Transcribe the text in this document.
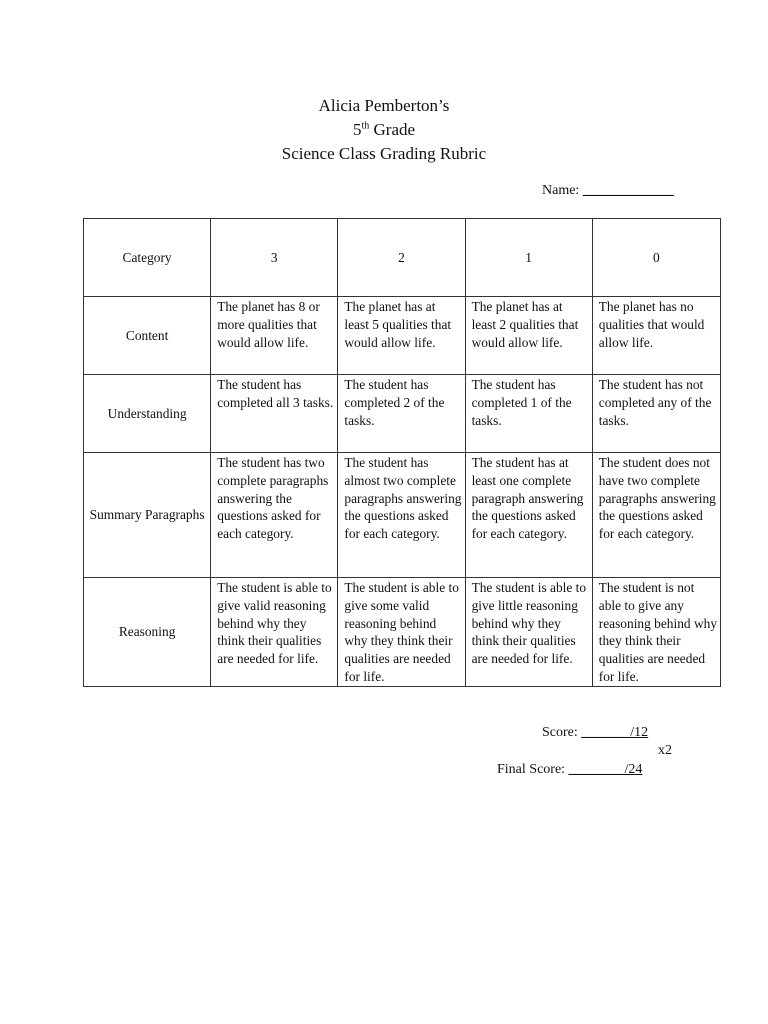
Alicia Pemberton’s
5th Grade
Science Class Grading Rubric
Name: _____________
Category	3	2	1	0
Content	The planet has 8 or more qualities that would allow life.	The planet has at least 5 qualities that would allow life.	The planet has at least 2 qualities that would allow life.	The planet has no qualities that would allow life.
Understanding	The student has completed all 3 tasks.	The student has completed 2 of the tasks.	The student has completed 1 of the tasks.	The student has not completed any of the tasks.
Summary Paragraphs	The student has two complete paragraphs answering the questions asked for each category.	The student has almost two complete paragraphs answering the questions asked for each category.	The student has at least one complete paragraph answering the questions asked for each category.	The student does not have two complete paragraphs answering the questions asked for each category.
Reasoning	The student is able to give valid reasoning behind why they think their qualities are needed for life.	The student is able to give some valid reasoning behind why they think their qualities are needed for life.	The student is able to give little reasoning behind why they think their qualities are needed for life.	The student is not able to give any reasoning behind why they think their qualities are needed for life.
Score: _______/12
x2
Final Score: ________/24
